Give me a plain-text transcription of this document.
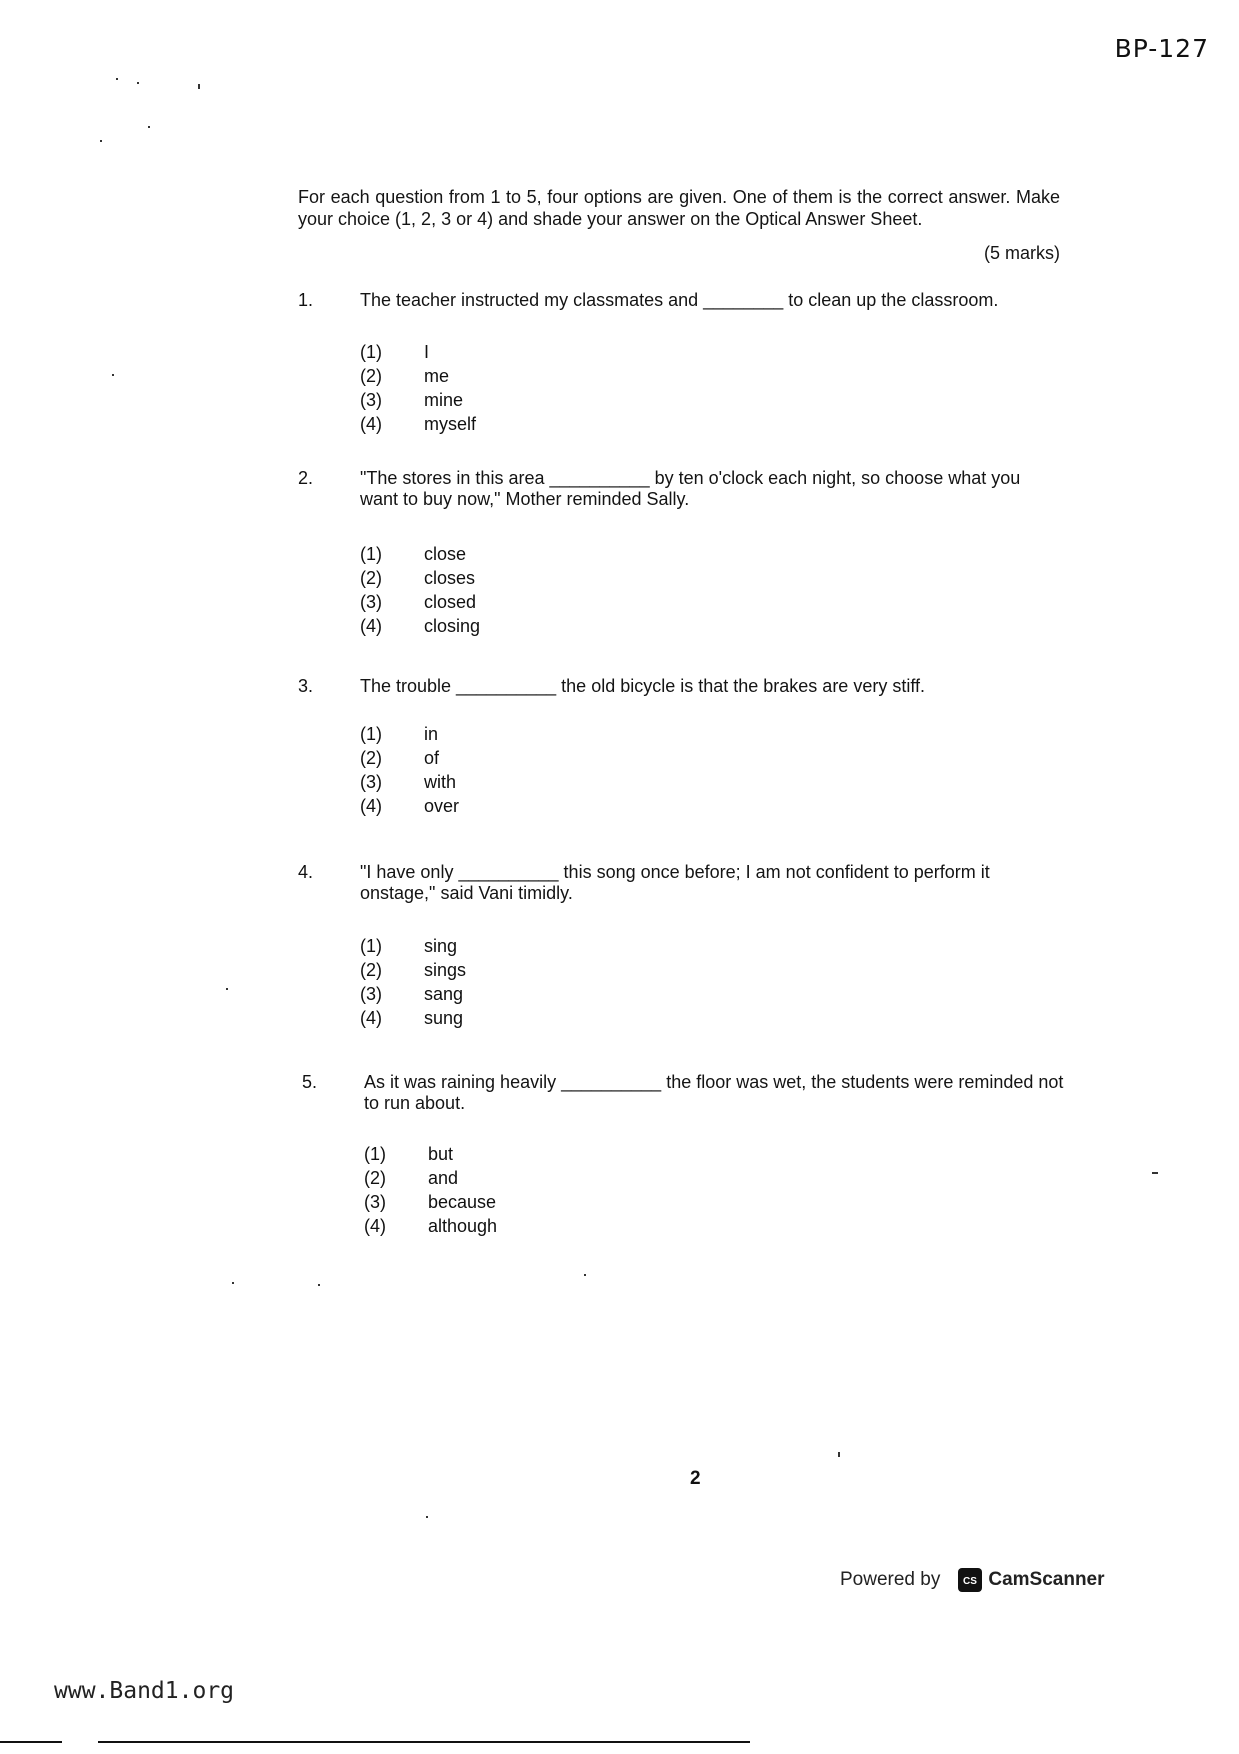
BP-127
For each question from 1 to 5, four options are given. One of them is the correct answer. Make your choice (1, 2, 3 or 4) and shade your answer on the Optical Answer Sheet.
(5 marks)
1.	The teacher instructed my classmates and ________ to clean up the classroom.
(1)	I
(2)	me
(3)	mine
(4)	myself
2.	"The stores in this area __________ by ten o'clock each night, so choose what you want to buy now," Mother reminded Sally.
(1)	close
(2)	closes
(3)	closed
(4)	closing
3.	The trouble __________ the old bicycle is that the brakes are very stiff.
(1)	in
(2)	of
(3)	with
(4)	over
4.	"I have only __________ this song once before; I am not confident to perform it onstage," said Vani timidly.
(1)	sing
(2)	sings
(3)	sang
(4)	sung
5.	As it was raining heavily __________ the floor was wet, the students were reminded not to run about.
(1)	but
(2)	and
(3)	because
(4)	although
2
Powered by CS CamScanner
www.Band1.org
